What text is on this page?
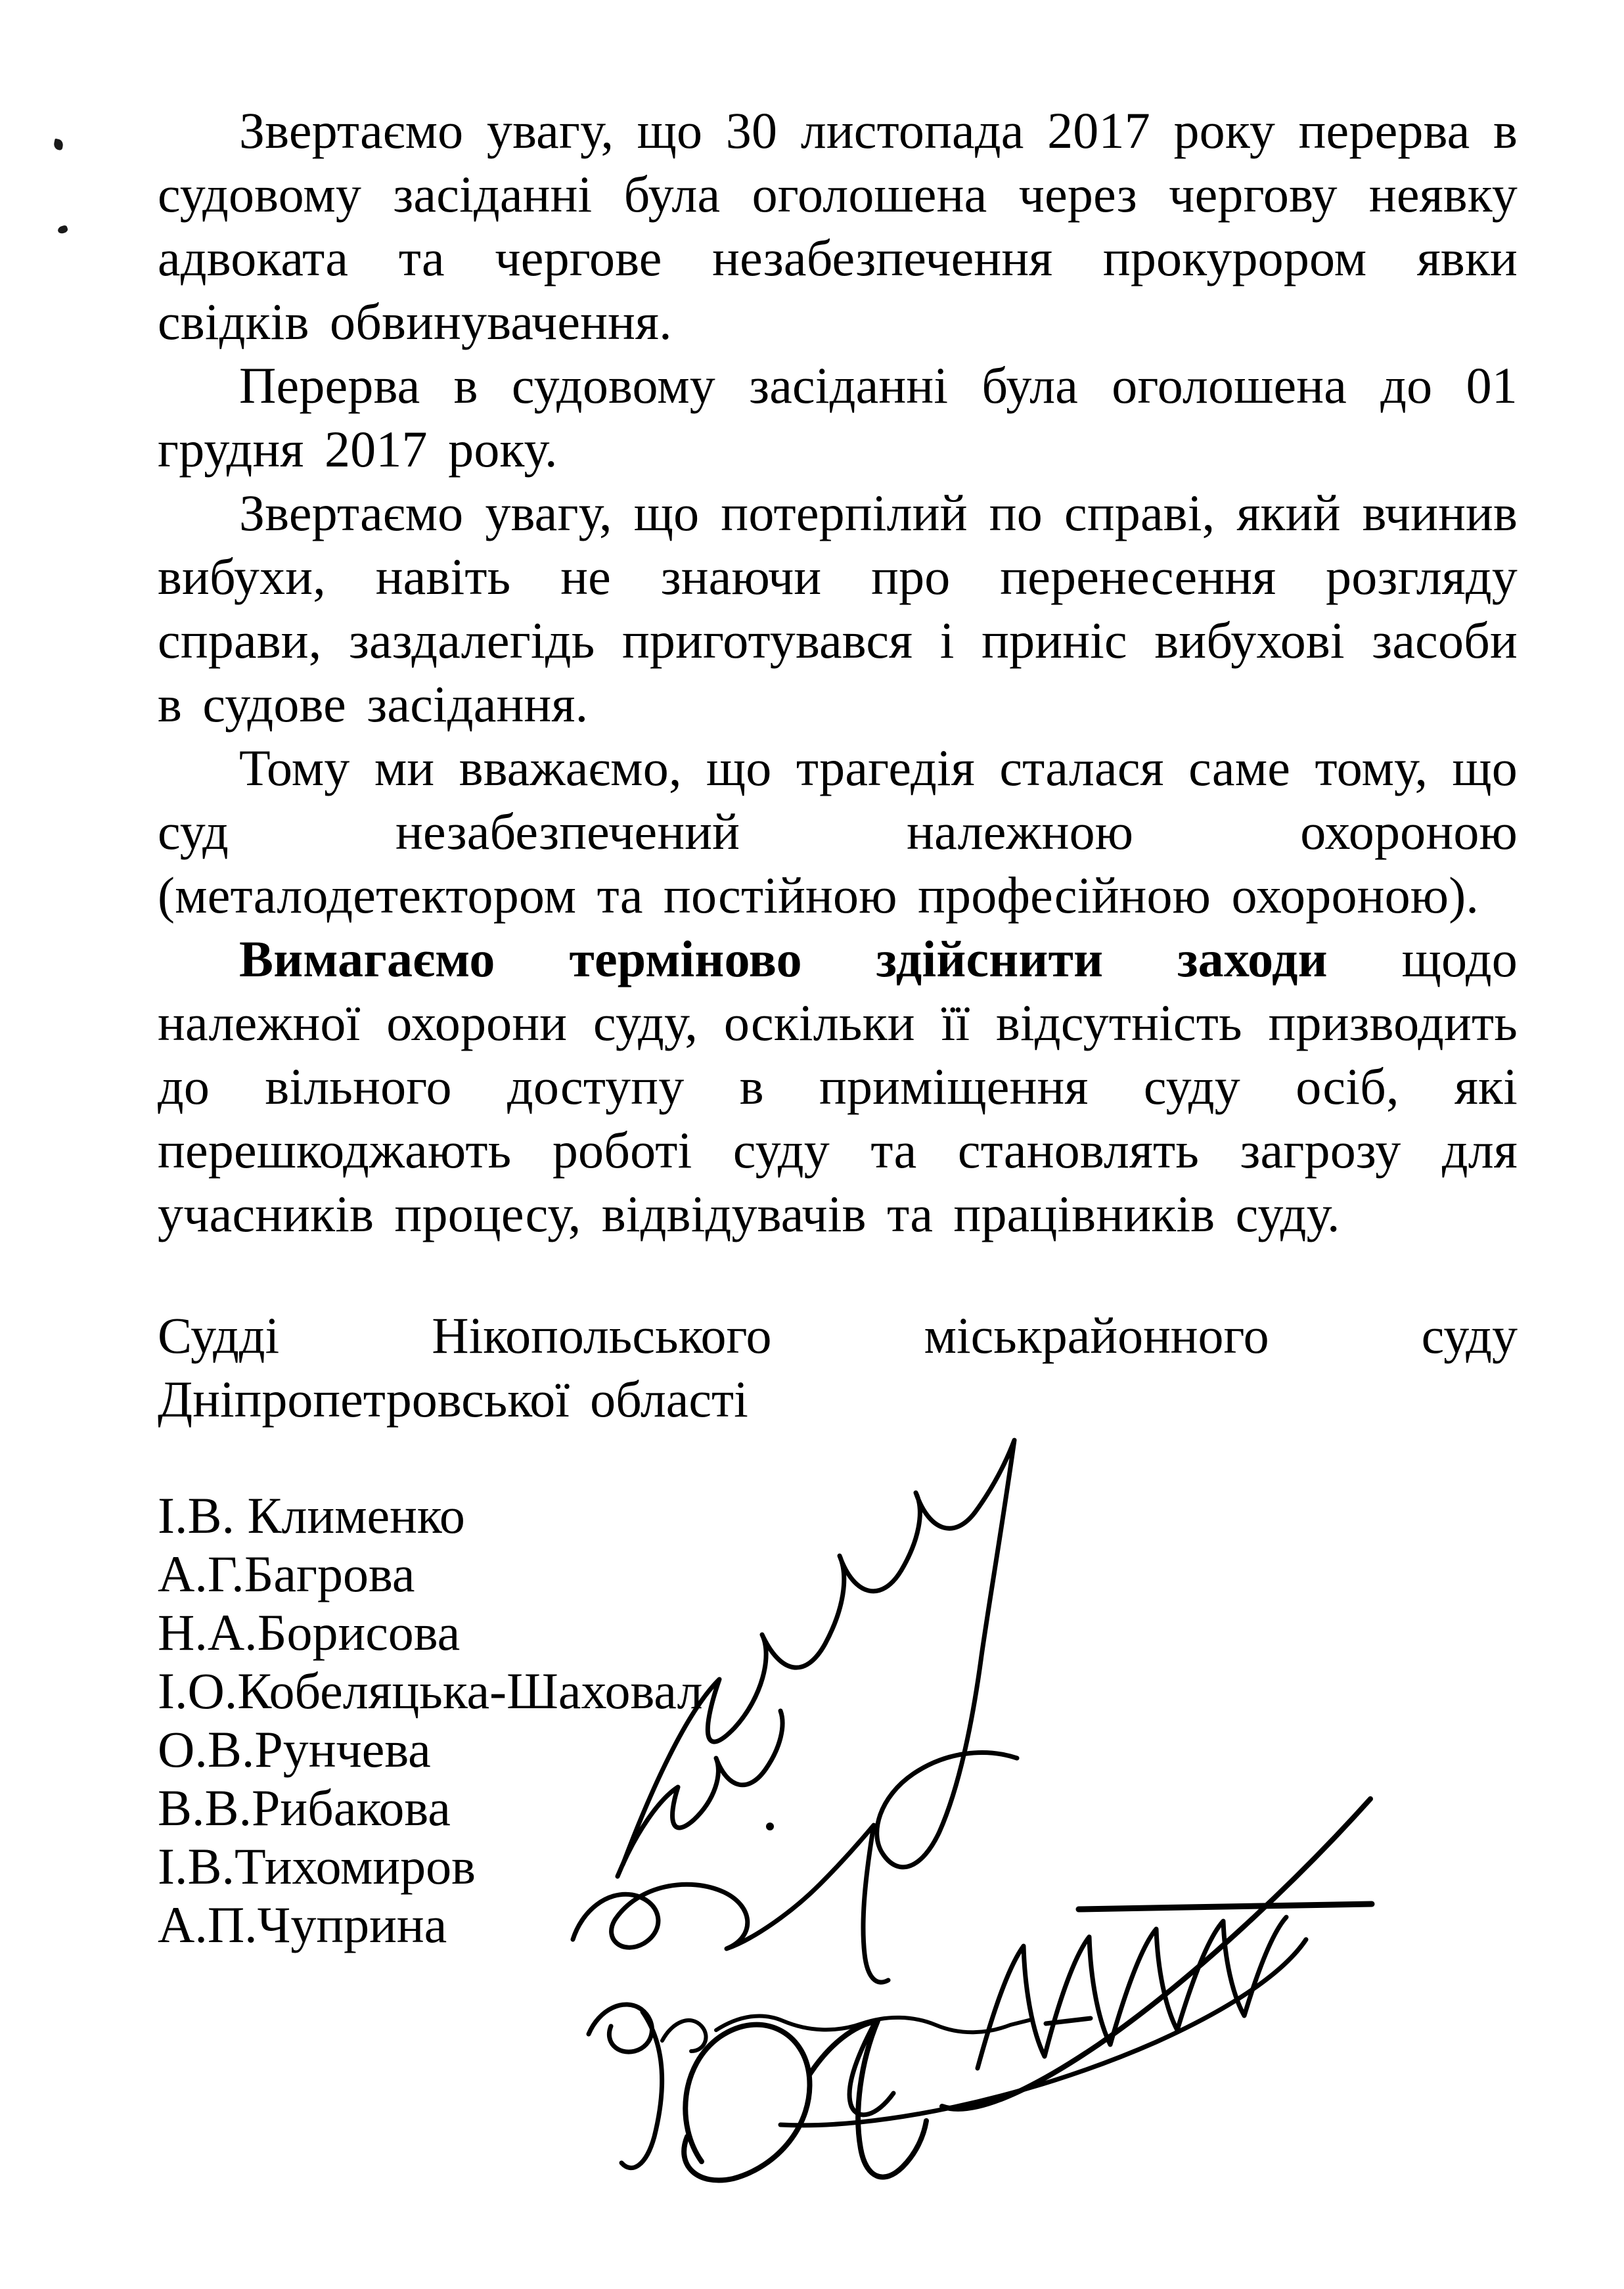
Звертаємо увагу, що 30 листопада 2017 року перерва в судовому засіданні була оголошена через чергову неявку адвоката та чергове незабезпечення прокурором явки свідків обвинувачення.

Перерва в судовому засіданні була оголошена до 01 грудня 2017 року.

Звертаємо увагу, що потерпілий по справі, який вчинив вибухи, навіть не знаючи про перенесення розгляду справи, заздалегідь приготувався і приніс вибухові засоби в судове засідання.

Тому ми вважаємо, що трагедія сталася саме тому, що суд незабезпечений належною охороною (металодетектором та постійною професійною охороною).

Вимагаємо терміново здійснити заходи щодо належної охорони суду, оскільки її відсутність призводить до вільного доступу в приміщення суду осіб, які перешкоджають роботі суду та становлять загрозу для учасників процесу, відвідувачів та працівників суду.

Судді Нікопольського міськрайонного суду
Дніпропетровської області
І.В. Клименко
А.Г.Багрова
Н.А.Борисова
І.О.Кобеляцька-Шаховал
О.В.Рунчева
В.В.Рибакова
І.В.Тихомиров
А.П.Чуприна
